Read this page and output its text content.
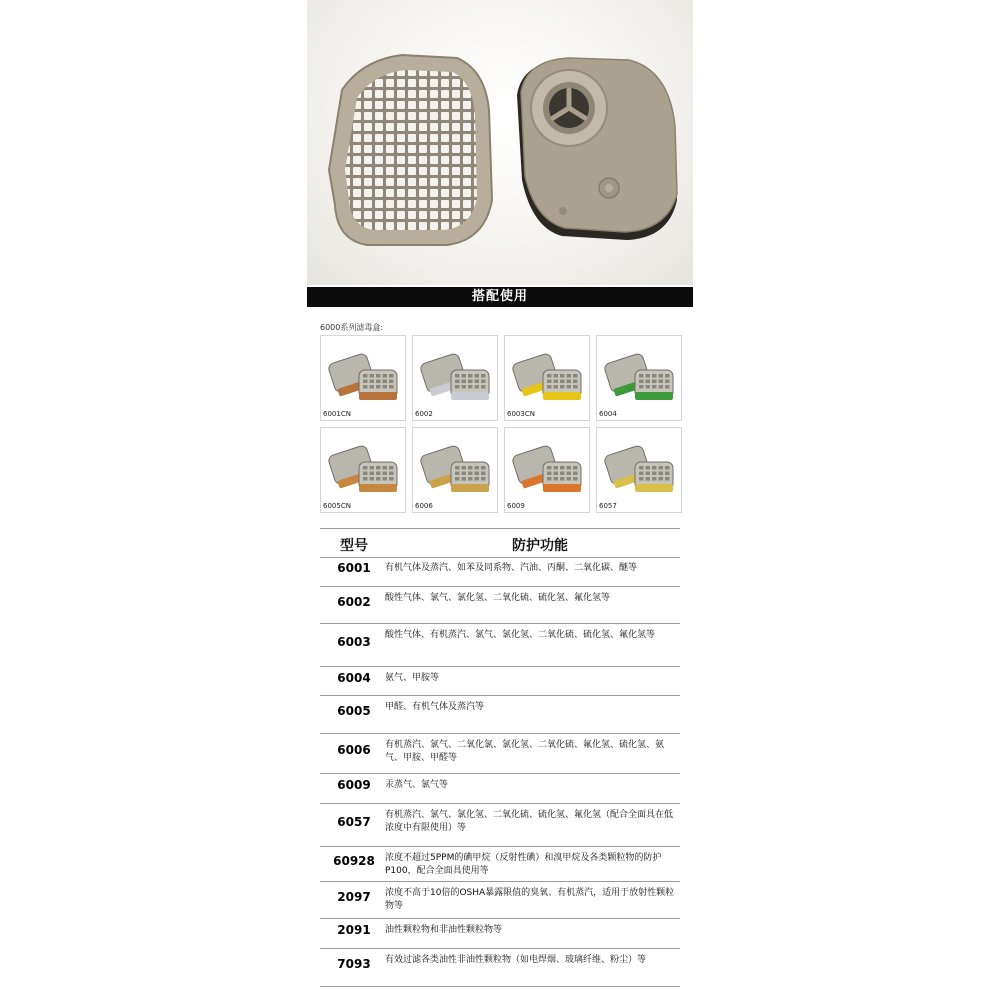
搭配使用
6000系列滤毒盒:
6001CN	6002	6003CN	6004
6005CN	6006	6009	6057
型号	防护功能
6001	有机气体及蒸汽、如苯及同系物、汽油、丙酮、二氧化碳、醚等
6002	酸性气体、氯气、氯化氢、二氧化硫、硫化氢、氟化氢等
6003	酸性气体、有机蒸汽、氯气、氯化氢、二氧化硫、硫化氢、氟化氢等
6004	氨气、甲胺等
6005	甲醛、有机气体及蒸汽等
6006	有机蒸汽、氯气、二氧化氯、氯化氢、二氧化硫、氟化氢、硫化氢、氨气、甲胺、甲醛等
6009	汞蒸气、氯气等
6057	有机蒸汽、氯气、氯化氢、二氧化硫、硫化氢、氟化氢（配合全面具在低浓度中有限使用）等
60928	浓度不超过5PPM的碘甲烷（反射性碘）和溴甲烷及各类颗粒物的防护P100，配合全面具使用等
2097	浓度不高于10倍的OSHA暴露限值的臭氧、有机蒸汽，适用于放射性颗粒物等
2091	油性颗粒物和非油性颗粒物等
7093	有效过滤各类油性非油性颗粒物（如电焊烟、玻璃纤维、粉尘）等
